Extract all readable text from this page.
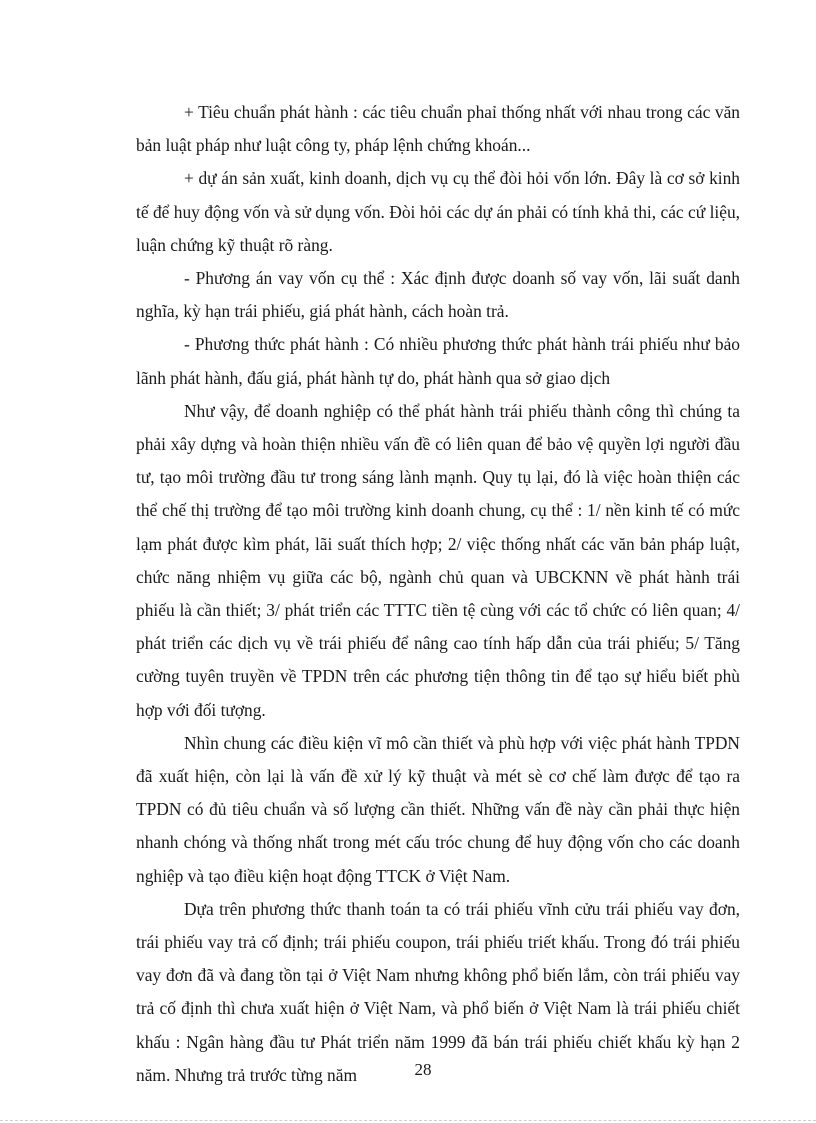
+ Tiêu chuẩn phát hành : các tiêu chuẩn phaỉ thống nhất với nhau trong các văn bản luật pháp như luật công ty, pháp lệnh chứng khoán...

+ dự án sản xuất, kinh doanh, dịch vụ cụ thể đòi hỏi vốn lớn. Đây là cơ sở kinh tế để huy động vốn và sử dụng vốn. Đòi hỏi các dự án phải có tính khả thi, các cứ liệu, luận chứng kỹ thuật rõ ràng.

- Phương án vay vốn cụ thể : Xác định được doanh số vay vốn, lãi suất danh nghĩa, kỳ hạn trái phiếu, giá phát hành, cách hoàn trả.

- Phương thức phát hành : Có nhiều phương thức phát hành trái phiếu như bảo lãnh phát hành, đấu giá, phát hành tự do, phát hành qua sở giao dịch

Như vậy, để doanh nghiệp có thể phát hành trái phiếu thành công thì chúng ta phải xây dựng và hoàn thiện nhiều vấn đề có liên quan để bảo vệ quyền lợi người đầu tư, tạo môi trường đầu tư trong sáng lành mạnh. Quy tụ lại, đó là việc hoàn thiện các thể chế thị trường để tạo môi trường kinh doanh chung, cụ thể : 1/ nền kinh tế có mức lạm phát được kìm phát, lãi suất thích hợp; 2/ việc thống nhất các văn bản pháp luật, chức năng nhiệm vụ giữa các bộ, ngành chủ quan và UBCKNN về phát hành trái phiếu là cần thiết; 3/ phát triển các TTTC tiền tệ cùng với các tổ chức có liên quan; 4/ phát triển các dịch vụ về trái phiếu để nâng cao tính hấp dẫn của trái phiếu; 5/ Tăng cường tuyên truyền về TPDN trên các phương tiện thông tin để tạo sự hiểu biết phù hợp với đối tượng.

Nhìn chung các điều kiện vĩ mô cần thiết và phù hợp với việc phát hành TPDN đã xuất hiện, còn lại là vấn đề xử lý kỹ thuật và mét sè cơ chế làm được để tạo ra TPDN có đủ tiêu chuẩn và số lượng cần thiết. Những vấn đề này cần phải thực hiện nhanh chóng và thống nhất trong mét cấu tróc chung để huy động vốn cho các doanh nghiệp và tạo điều kiện hoạt động TTCK ở Việt Nam.

Dựa trên phương thức thanh toán ta có trái phiếu vĩnh cửu trái phiếu vay đơn, trái phiếu vay trả cố định; trái phiếu coupon, trái phiếu triết khấu. Trong đó trái phiếu vay đơn đã và đang tồn tại ở Việt Nam nhưng không phổ biến lắm, còn trái phiếu vay trả cố định thì chưa xuất hiện ở Việt Nam, và phổ biến ở Việt Nam là trái phiếu chiết khấu : Ngân hàng đầu tư Phát triển năm 1999 đã bán trái phiếu chiết khấu kỳ hạn 2 năm. Nhưng trả trước từng năm	28
